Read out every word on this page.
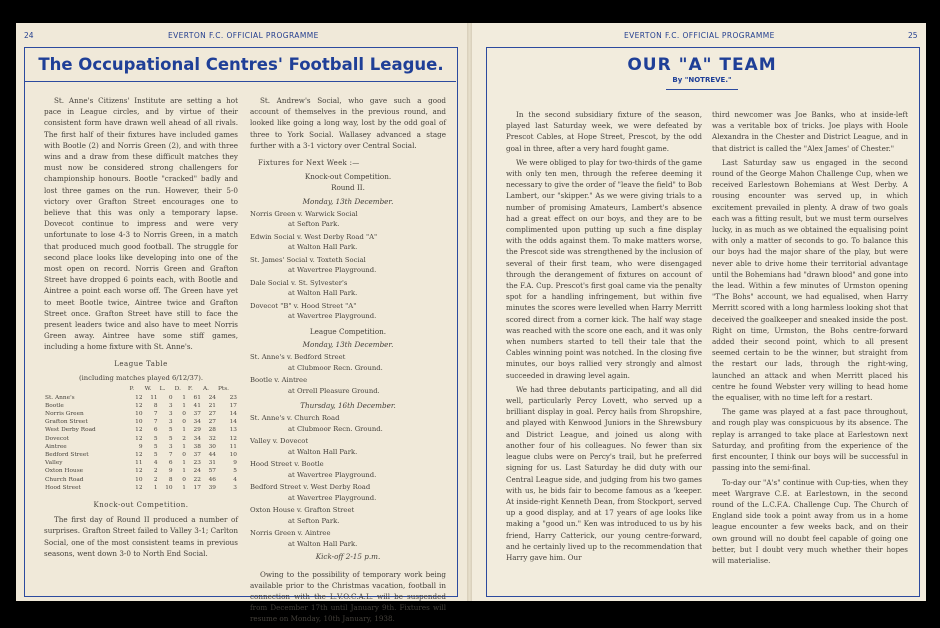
24	EVERTON F.C. OFFICIAL PROGRAMME
The Occupational Centres' Football League.

St. Anne's Citizens' Institute are setting a hot pace in League circles, and by virtue of their consistent form have drawn well ahead of all rivals. The first half of their fixtures have included games with Bootle (2) and Norris Green (2), and with three wins and a draw from these difficult matches they must now be considered strong challengers for championship honours. Bootle "cracked" badly and lost three games on the run. However, their 5-0 victory over Grafton Street encourages one to believe that this was only a temporary lapse. Dovecot continue to impress and were very unfortunate to lose 4-3 to Norris Green, in a match that produced much good football. The struggle for second place looks like developing into one of the most open on record. Norris Green and Grafton Street have dropped 6 points each, with Bootle and Aintree a point each worse off. The Green have yet to meet Bootle twice, Aintree twice and Grafton Street once. Grafton Street have still to face the present leaders twice and also have to meet Norris Green away. Aintree have some stiff games, including a home fixture with St. Anne's.

League Table
(including matches played 6/12/37).
	P.	W.	L.	D.	F.	A.	Pts.
St. Anne's	12	11	0	1	61	24	23
Bootle	12	8	3	1	41	21	17
Norris Green	10	7	3	0	37	27	14
Grafton Street	10	7	3	0	34	27	14
West Derby Road	12	6	5	1	29	28	13
Dovecot	12	5	5	2	34	32	12
Aintree	9	5	3	1	38	30	11
Bedford Street	12	5	7	0	37	44	10
Valley	11	4	6	1	23	31	9
Oxton House	12	2	9	1	24	57	5
Church Road	10	2	8	0	22	46	4
Hood Street	12	1	10	1	17	39	3
Knock-out Competition.

The first day of Round II produced a number of surprises. Grafton Street failed to Valley 3-1; Carlton Social, one of the most consistent teams in previous seasons, went down 3-0 to North End Social.

St. Andrew's Social, who gave such a good account of themselves in the previous round, and looked like going a long way, lost by the odd goal of three to York Social. Wallasey advanced a stage further with a 3-1 victory over Central Social.

Fixtures for Next Week :—
Knock-out Competition.
Round II.
Monday, 13th December.
Norris Green v. Warwick Social
at Sefton Park.
Edwin Social v. West Derby Road "A"
at Walton Hall Park.
St. James' Social v. Toxteth Social
at Wavertree Playground.
Dale Social v. St. Sylvester's
at Walton Hall Park.
Dovecot "B" v. Hood Street "A"
at Wavertree Playground.
League Competition.
Monday, 13th December.
St. Anne's v. Bedford Street
at Clubmoor Recn. Ground.
Bootle v. Aintree
at Orrell Pleasure Ground.
Thursday, 16th December.
St. Anne's v. Church Road
at Clubmoor Recn. Ground.
Valley v. Dovecot
at Walton Hall Park.
Hood Street v. Bootle
at Wavertree Playground.
Bedford Street v. West Derby Road
at Wavertree Playground.
Oxton House v. Grafton Street
at Sefton Park.
Norris Green v. Aintree
at Walton Hall Park.
Kick-off 2-15 p.m.

Owing to the possibility of temporary work being available prior to the Christmas vacation, football in connection with the L.V.O.C.A.L. will be suspended from December 17th until January 9th. Fixtures will resume on Monday, 10th January, 1938.

EVERTON F.C. OFFICIAL PROGRAMME	25
OUR "A" TEAM
By "NOTREVE."

In the second subsidiary fixture of the season, played last Saturday week, we were defeated by Prescot Cables, at Hope Street, Prescot, by the odd goal in three, after a very hard fought game.

We were obliged to play for two-thirds of the game with only ten men, through the referee deeming it necessary to give the order of "leave the field" to Bob Lambert, our "skipper." As we were giving trials to a number of promising Amateurs, Lambert's absence had a great effect on our boys, and they are to be complimented upon putting up such a fine display with the odds against them. To make matters worse, the Prescot side was strengthened by the inclusion of several of their first team, who were disengaged through the derangement of fixtures on account of the F.A. Cup. Prescot's first goal came via the penalty spot for a handling infringement, but within five minutes the scores were levelled when Harry Merritt scored direct from a corner kick. The half way stage was reached with the score one each, and it was only when numbers started to tell their tale that the Cables winning point was notched. In the closing five minutes, our boys rallied very strongly and almost succeeded in drawing level again.

We had three debutants participating, and all did well, particularly Percy Lovett, who served up a brilliant display in goal. Percy hails from Shropshire, and played with Kenwood Juniors in the Shrewsbury and District League, and joined us along with another four of his colleagues. No fewer than six league clubs were on Percy's trail, but he preferred signing for us. Last Saturday he did duty with our Central League side, and judging from his two games with us, he bids fair to become famous as a 'keeper. At inside-right Kenneth Dean, from Stockport, served up a good display, and at 17 years of age looks like making a "good un." Ken was introduced to us by his friend, Harry Catterick, our young centre-forward, and he certainly lived up to the recommendation that Harry gave him. Our

third newcomer was Joe Banks, who at inside-left was a veritable box of tricks. Joe plays with Hoole Alexandra in the Chester and District League, and in that district is called the "Alex James' of Chester."

Last Saturday saw us engaged in the second round of the George Mahon Challenge Cup, when we received Earlestown Bohemians at West Derby. A rousing encounter was served up, in which excitement prevailed in plenty. A draw of two goals each was a fitting result, but we must term ourselves lucky, in as much as we obtained the equalising point with only a matter of seconds to go. To balance this our boys had the major share of the play, but were never able to drive home their territorial advantage until the Bohemians had "drawn blood" and gone into the lead. Within a few minutes of Urmston opening "The Bohs" account, we had equalised, when Harry Merritt scored with a long harmless looking shot that deceived the goalkeeper and sneaked inside the post. Right on time, Urmston, the Bohs centre-forward added their second point, which to all present seemed certain to be the winner, but straight from the restart our lads, through the right-wing, launched an attack and when Merritt placed his centre he found Webster very willing to head home the equaliser, with no time left for a restart.

The game was played at a fast pace throughout, and rough play was conspicuous by its absence. The replay is arranged to take place at Earlestown next Saturday, and profiting from the experience of the first encounter, I think our boys will be successful in passing into the semi-final.

To-day our "A's" continue with Cup-ties, when they meet Wargrave C.E. at Earlestown, in the second round of the L.C.F.A. Challenge Cup. The Church of England side took a point away from us in a home league encounter a few weeks back, and on their own ground will no doubt feel capable of going one better, but I doubt very much whether their hopes will materialise.
